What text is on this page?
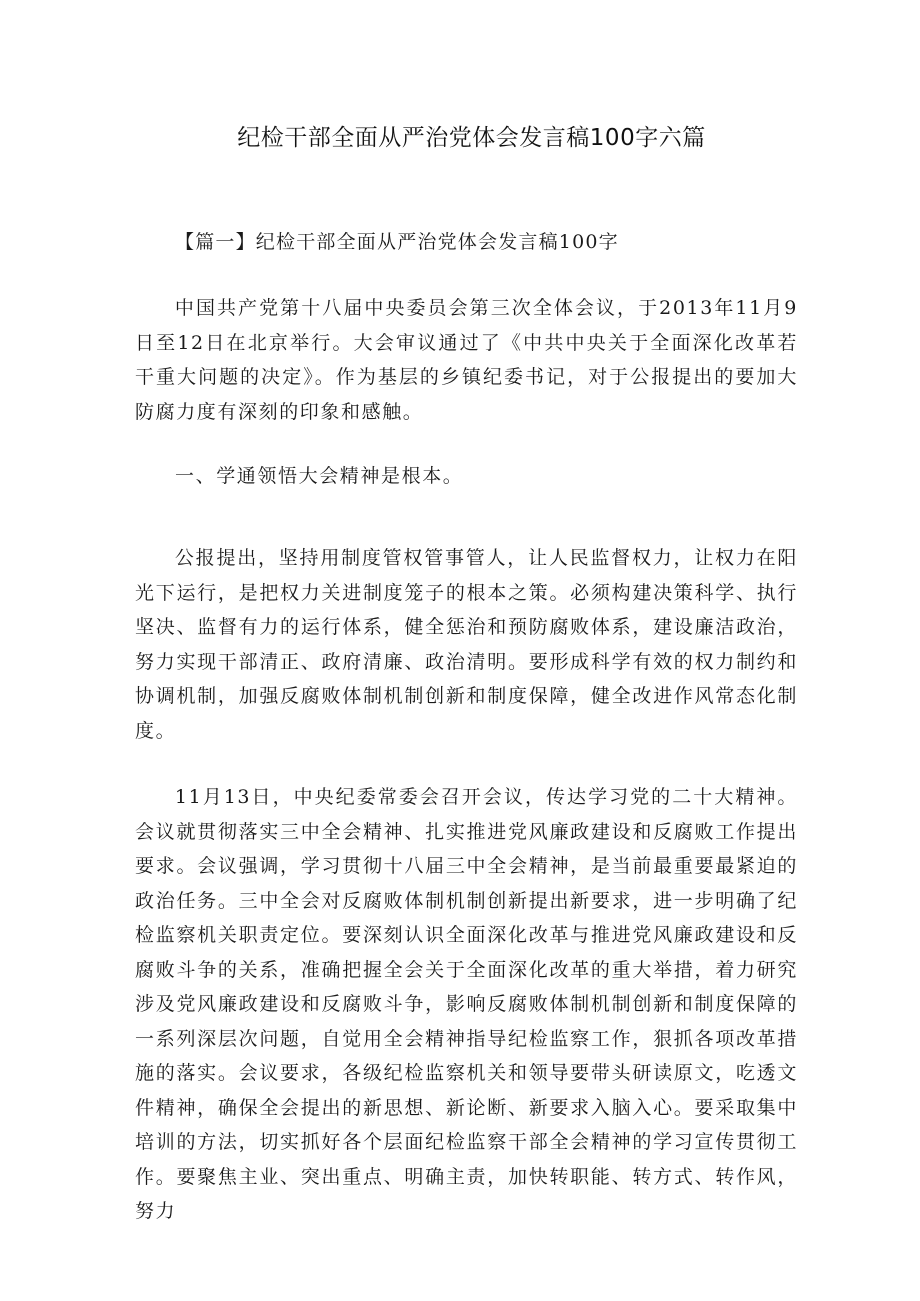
纪检干部全面从严治党体会发言稿100字六篇

【篇一】纪检干部全面从严治党体会发言稿100字

中国共产党第十八届中央委员会第三次全体会议，于2013年11月9日至12日在北京举行。大会审议通过了《中共中央关于全面深化改革若干重大问题的决定》。作为基层的乡镇纪委书记，对于公报提出的要加大防腐力度有深刻的印象和感触。

一、学通领悟大会精神是根本。

公报提出，坚持用制度管权管事管人，让人民监督权力，让权力在阳光下运行，是把权力关进制度笼子的根本之策。必须构建决策科学、执行坚决、监督有力的运行体系，健全惩治和预防腐败体系，建设廉洁政治，努力实现干部清正、政府清廉、政治清明。要形成科学有效的权力制约和协调机制，加强反腐败体制机制创新和制度保障，健全改进作风常态化制度。

11月13日，中央纪委常委会召开会议，传达学习党的二十大精神。会议就贯彻落实三中全会精神、扎实推进党风廉政建设和反腐败工作提出要求。会议强调，学习贯彻十八届三中全会精神，是当前最重要最紧迫的政治任务。三中全会对反腐败体制机制创新提出新要求，进一步明确了纪检监察机关职责定位。要深刻认识全面深化改革与推进党风廉政建设和反腐败斗争的关系，准确把握全会关于全面深化改革的重大举措，着力研究涉及党风廉政建设和反腐败斗争，影响反腐败体制机制创新和制度保障的一系列深层次问题，自觉用全会精神指导纪检监察工作，狠抓各项改革措施的落实。会议要求，各级纪检监察机关和领导要带头研读原文，吃透文件精神，确保全会提出的新思想、新论断、新要求入脑入心。要采取集中培训的方法，切实抓好各个层面纪检监察干部全会精神的学习宣传贯彻工作。要聚焦主业、突出重点、明确主责，加快转职能、转方式、转作风，努力
